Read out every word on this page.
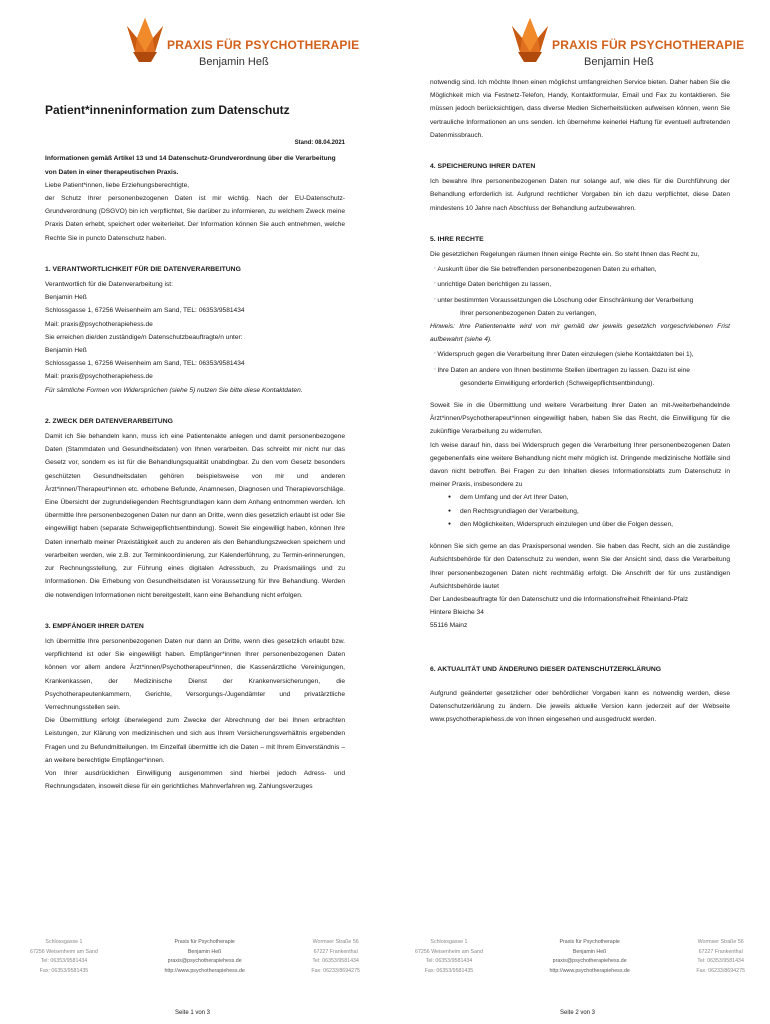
PRAXIS FÜR PSYCHOTHERAPIE
Benjamin Heß
Patient*inneninformation zum Datenschutz
Stand: 08.04.2021
Informationen gemäß Artikel 13 und 14 Datenschutz-Grundverordnung über die Verarbeitung von Daten in einer therapeutischen Praxis.
Liebe Patient*innen, liebe Erziehungsberechtigte,
der Schutz Ihrer personenbezogenen Daten ist mir wichtig. Nach der EU-Datenschutz-Grundverordnung (DSGVO) bin ich verpflichtet, Sie darüber zu informieren, zu welchem Zweck meine Praxis Daten erhebt, speichert oder weiterleitet. Der Information können Sie auch entnehmen, welche Rechte Sie in puncto Datenschutz haben.
1. VERANTWORTLICHKEIT FÜR DIE DATENVERARBEITUNG
Verantwortlich für die Datenverarbeitung ist:
Benjamin Heß
Schlossgasse 1, 67256 Weisenheim am Sand, TEL: 06353/9581434
Mail: praxis@psychotherapiehess.de
Sie erreichen die/den zuständige/n Datenschutzbeauftragte/n unter:
Benjamin Heß
Schlossgasse 1, 67256 Weisenheim am Sand, TEL: 06353/9581434
Mail: praxis@psychotherapiehess.de
Für sämtliche Formen von Widersprüchen (siehe 5) nutzen Sie bitte diese Kontaktdaten.
2. ZWECK DER DATENVERARBEITUNG
Damit ich Sie behandeln kann, muss ich eine Patientenakte anlegen und damit personenbezogene Daten (Stammdaten und Gesundheitsdaten) von Ihnen verarbeiten. Das schreibt mir nicht nur das Gesetz vor, sondern es ist für die Behandlungsqualität unabdingbar. Zu den vom Gesetz besonders geschützten Gesundheitsdaten gehören beispielsweise von mir und anderen Ärzt*innen/Therapeut*innen etc. erhobene Befunde, Anamnesen, Diagnosen und Therapievorschläge. Eine Übersicht der zugrundeliegenden Rechtsgrundlagen kann dem Anhang entnommen werden. Ich übermittle Ihre personenbezogenen Daten nur dann an Dritte, wenn dies gesetzlich erlaubt ist oder Sie eingewilligt haben (separate Schweigepflichtsentbindung). Soweit Sie eingewilligt haben, können Ihre Daten innerhalb meiner Praxistätigkeit auch zu anderen als den Behandlungszwecken speichern und verarbeiten werden, wie z.B. zur Terminkoordinierung, zur Kalenderführung, zu Termin-erinnerungen, zur Rechnungsstellung, zur Führung eines digitalen Adressbuch, zu Praxismailings und zu Informationen. Die Erhebung von Gesundheitsdaten ist Voraussetzung für Ihre Behandlung. Werden die notwendigen Informationen nicht bereitgestellt, kann eine Behandlung nicht erfolgen.
3. EMPFÄNGER IHRER DATEN
Ich übermittle Ihre personenbezogenen Daten nur dann an Dritte, wenn dies gesetzlich erlaubt bzw. verpflichtend ist oder Sie eingewilligt haben. Empfänger*innen Ihrer personenbezogenen Daten können vor allem andere Ärzt*innen/Psychotherapeut*innen, die Kassenärztliche Vereinigungen, Krankenkassen, der Medizinische Dienst der Krankenversicherungen, die Psychotherapeutenkammern, Gerichte, Versorgungs-/Jugendämter und privatärztliche Verrechnungsstellen sein.
Die Übermittlung erfolgt überwiegend zum Zwecke der Abrechnung der bei Ihnen erbrachten Leistungen, zur Klärung von medizinischen und sich aus Ihrem Versicherungsverhältnis ergebenden Fragen und zu Befundmitteilungen. Im Einzelfall übermittle ich die Daten – mit Ihrem Einverständnis – an weitere berechtigte Empfänger*innen.
Von Ihrer ausdrücklichen Einwilligung ausgenommen sind hierbei jedoch Adress- und Rechnungsdaten, insoweit diese für ein gerichtliches Mahnverfahren wg. Zahlungsverzuges
Schlossgasse 1
67256 Weisenheim am Sand
Tel: 06353/9581434
Fax: 06353/9581435
Praxis für Psychotherapie
Benjamin Heß
praxis@psychotherapiehess.de
http://www.psychotherapiehess.de
Wormser Straße 56
67227 Frankenthal
Tel: 06353/9581434
Fax: 06233/8694275
Seite 1 von 3
PRAXIS FÜR PSYCHOTHERAPIE
Benjamin Heß
notwendig sind. Ich möchte Ihnen einen möglichst umfangreichen Service bieten. Daher haben Sie die Möglichkeit mich via Festnetz-Telefon, Handy, Kontaktformular, Email und Fax zu kontaktieren. Sie müssen jedoch berücksichtigen, dass diverse Medien Sicherheitslücken aufweisen können, wenn Sie vertrauliche Informationen an uns senden. Ich übernehme keinerlei Haftung für eventuell auftretenden Datenmissbrauch.
4. SPEICHERUNG IHRER DATEN
Ich bewahre Ihre personenbezogenen Daten nur solange auf, wie dies für die Durchführung der Behandlung erforderlich ist. Aufgrund rechtlicher Vorgaben bin ich dazu verpflichtet, diese Daten mindestens 10 Jahre nach Abschluss der Behandlung aufzubewahren.
5. IHRE RECHTE
Die gesetzlichen Regelungen räumen Ihnen einige Rechte ein. So steht Ihnen das Recht zu,
▫ Auskunft über die Sie betreffenden personenbezogenen Daten zu erhalten,
▫ unrichtige Daten berichtigen zu lassen,
▫ unter bestimmten Voraussetzungen die Löschung oder Einschränkung der Verarbeitung
Ihrer personenbezogenen Daten zu verlangen,
Hinweis: Ihre Patientenakte wird von mir gemäß der jeweils gesetzlich vorgeschriebenen Frist aufbewahrt (siehe 4).
▫ Widerspruch gegen die Verarbeitung Ihrer Daten einzulegen (siehe Kontaktdaten bei 1),
▫ Ihre Daten an andere von Ihnen bestimmte Stellen übertragen zu lassen. Dazu ist eine
gesonderte Einwilligung erforderlich (Schweigepflichtsentbindung).
Soweit Sie in die Übermittlung und weitere Verarbeitung Ihrer Daten an mit-/weiterbehandelnde Ärzt*innen/Psychotherapeut*innen eingewilligt haben, haben Sie das Recht, die Einwilligung für die zukünftige Verarbeitung zu widerrufen.
Ich weise darauf hin, dass bei Widerspruch gegen die Verarbeitung Ihrer personenbezogenen Daten gegebenenfalls eine weitere Behandlung nicht mehr möglich ist. Dringende medizinische Notfälle sind davon nicht betroffen. Bei Fragen zu den Inhalten dieses Informationsblatts zum Datenschutz in meiner Praxis, insbesondere zu
● dem Umfang und der Art Ihrer Daten,
● den Rechtsgrundlagen der Verarbeitung,
● den Möglichkeiten, Widerspruch einzulegen und über die Folgen dessen,
können Sie sich gerne an das Praxispersonal wenden. Sie haben das Recht, sich an die zuständige Aufsichtsbehörde für den Datenschutz zu wenden, wenn Sie der Ansicht sind, dass die Verarbeitung Ihrer personenbezogenen Daten nicht rechtmäßig erfolgt. Die Anschrift der für uns zuständigen Aufsichtsbehörde lautet
Der Landesbeauftragte für den Datenschutz und die Informationsfreiheit Rheinland-Pfalz
Hintere Bleiche 34
55116 Mainz
6. AKTUALITÄT UND ÄNDERUNG DIESER DATENSCHUTZERKLÄRUNG
Aufgrund geänderter gesetzlicher oder behördlicher Vorgaben kann es notwendig werden, diese Datenschutzerklärung zu ändern. Die jeweils aktuelle Version kann jederzeit auf der Webseite www.psychotherapiehess.de von Ihnen eingesehen und ausgedruckt werden.
Schlossgasse 1
67256 Weisenheim am Sand
Tel: 06353/9581434
Fax: 06353/9581435
Praxis für Psychotherapie
Benjamin Heß
praxis@psychotherapiehess.de
http://www.psychotherapiehess.de
Wormser Straße 56
67227 Frankenthal
Tel: 06353/9581434
Fax: 06233/8694275
Seite 2 von 3
